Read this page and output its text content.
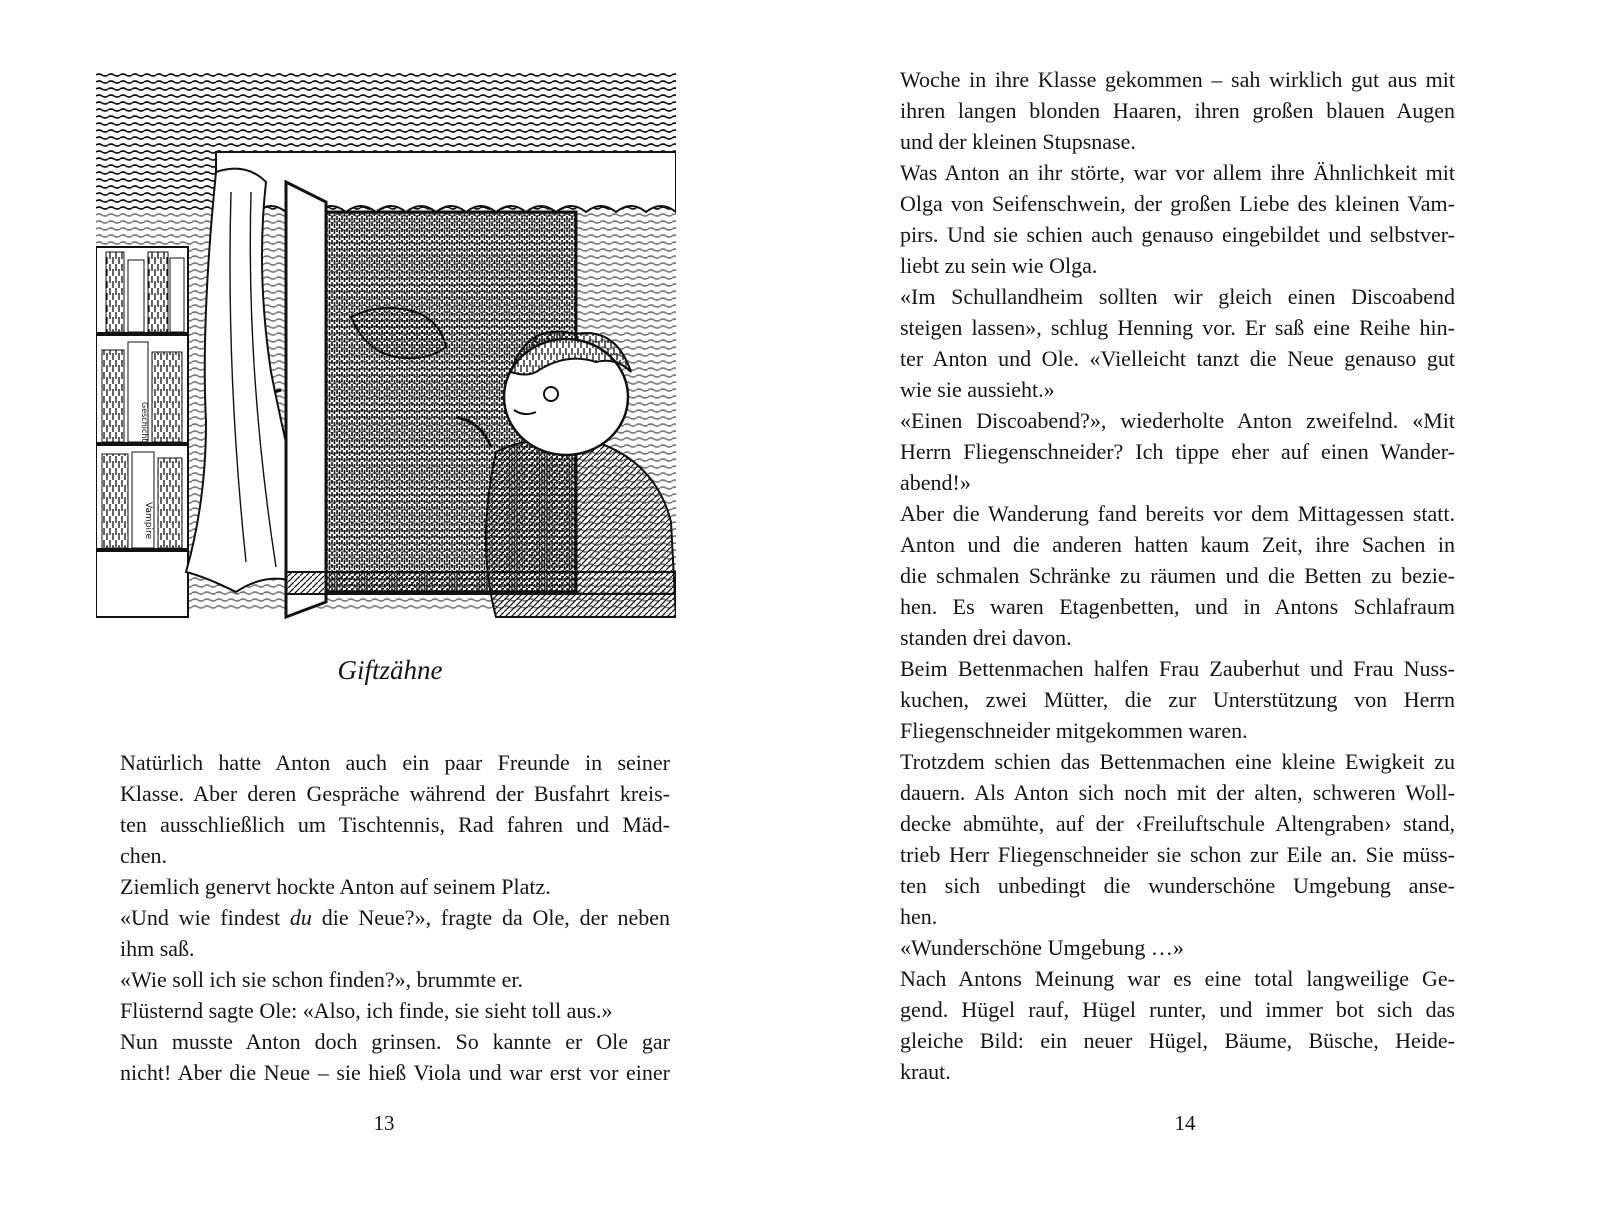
Geschichte
Vampire
Giftzähne
Natürlich hatte Anton auch ein paar Freunde in seiner
Klasse. Aber deren Gespräche während der Busfahrt kreis-
ten ausschließlich um Tischtennis, Rad fahren und Mäd-
chen.
Ziemlich genervt hockte Anton auf seinem Platz.
«Und wie findest du die Neue?», fragte da Ole, der neben
ihm saß.
«Wie soll ich sie schon finden?», brummte er.
Flüsternd sagte Ole: «Also, ich finde, sie sieht toll aus.»
Nun musste Anton doch grinsen. So kannte er Ole gar
nicht! Aber die Neue – sie hieß Viola und war erst vor einer
13
Woche in ihre Klasse gekommen – sah wirklich gut aus mit
ihren langen blonden Haaren, ihren großen blauen Augen
und der kleinen Stupsnase.
Was Anton an ihr störte, war vor allem ihre Ähnlichkeit mit
Olga von Seifenschwein, der großen Liebe des kleinen Vam-
pirs. Und sie schien auch genauso eingebildet und selbstver-
liebt zu sein wie Olga.
«Im Schullandheim sollten wir gleich einen Discoabend
steigen lassen», schlug Henning vor. Er saß eine Reihe hin-
ter Anton und Ole. «Vielleicht tanzt die Neue genauso gut
wie sie aussieht.»
«Einen Discoabend?», wiederholte Anton zweifelnd. «Mit
Herrn Fliegenschneider? Ich tippe eher auf einen Wander-
abend!»
Aber die Wanderung fand bereits vor dem Mittagessen statt.
Anton und die anderen hatten kaum Zeit, ihre Sachen in
die schmalen Schränke zu räumen und die Betten zu bezie-
hen. Es waren Etagenbetten, und in Antons Schlafraum
standen drei davon.
Beim Bettenmachen halfen Frau Zauberhut und Frau Nuss-
kuchen, zwei Mütter, die zur Unterstützung von Herrn
Fliegenschneider mitgekommen waren.
Trotzdem schien das Bettenmachen eine kleine Ewigkeit zu
dauern. Als Anton sich noch mit der alten, schweren Woll-
decke abmühte, auf der ‹Freiluftschule Altengraben› stand,
trieb Herr Fliegenschneider sie schon zur Eile an. Sie müss-
ten sich unbedingt die wunderschöne Umgebung anse-
hen.
«Wunderschöne Umgebung …»
Nach Antons Meinung war es eine total langweilige Ge-
gend. Hügel rauf, Hügel runter, und immer bot sich das
gleiche Bild: ein neuer Hügel, Bäume, Büsche, Heide-
kraut.
14
